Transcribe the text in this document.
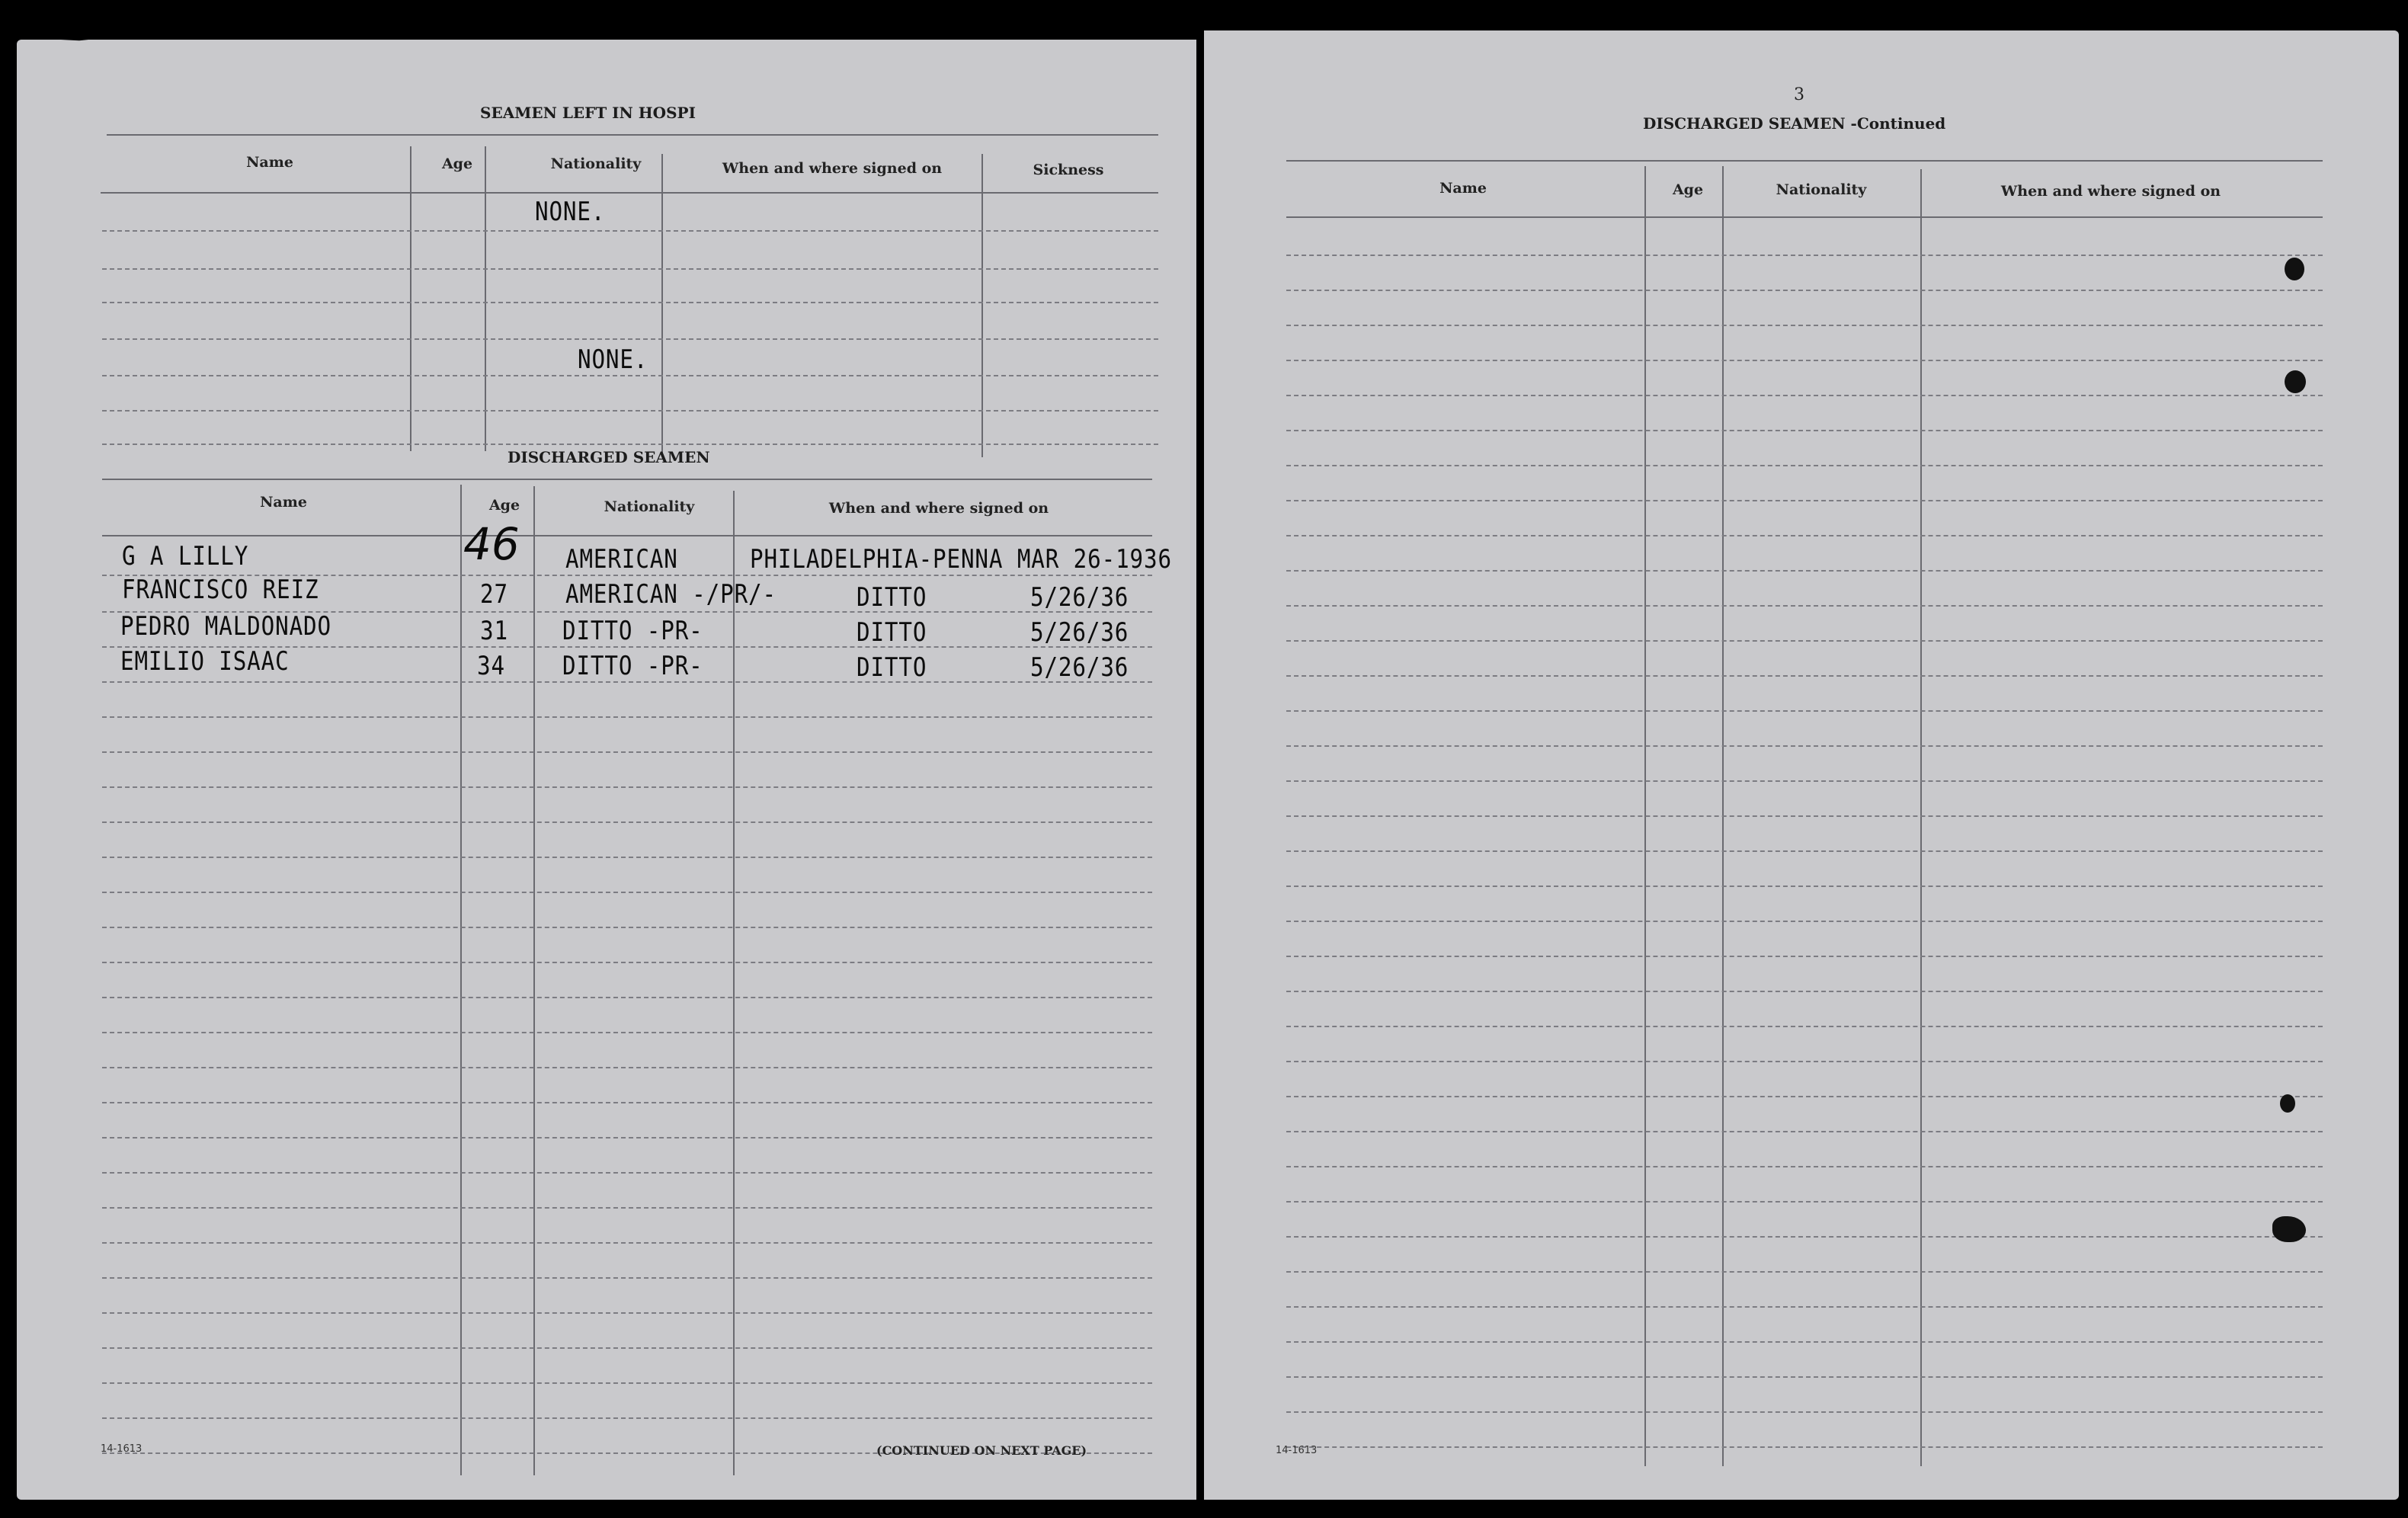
SEAMEN LEFT IN HOSPI
Name	Age	Nationality	When and where signed on	Sickness
NONE.
NONE.
DISCHARGED SEAMEN
Name	Age	Nationality	When and where signed on
G A LILLY	46 AMERICAN	PHILADELPHIA-PENNA MAR 26-1936
FRANCISCO REIZ	27 AMERICAN -/PR/-	DITTO	5/26/36
PEDRO MALDONADO	31 DITTO -PR-	DITTO	5/26/36
EMILIO ISAAC	34 DITTO -PR-	DITTO	5/26/36
14-1613	(CONTINUED ON NEXT PAGE)
3
DISCHARGED SEAMEN -Continued
Name	Age	Nationality	When and where signed on
14-1613
